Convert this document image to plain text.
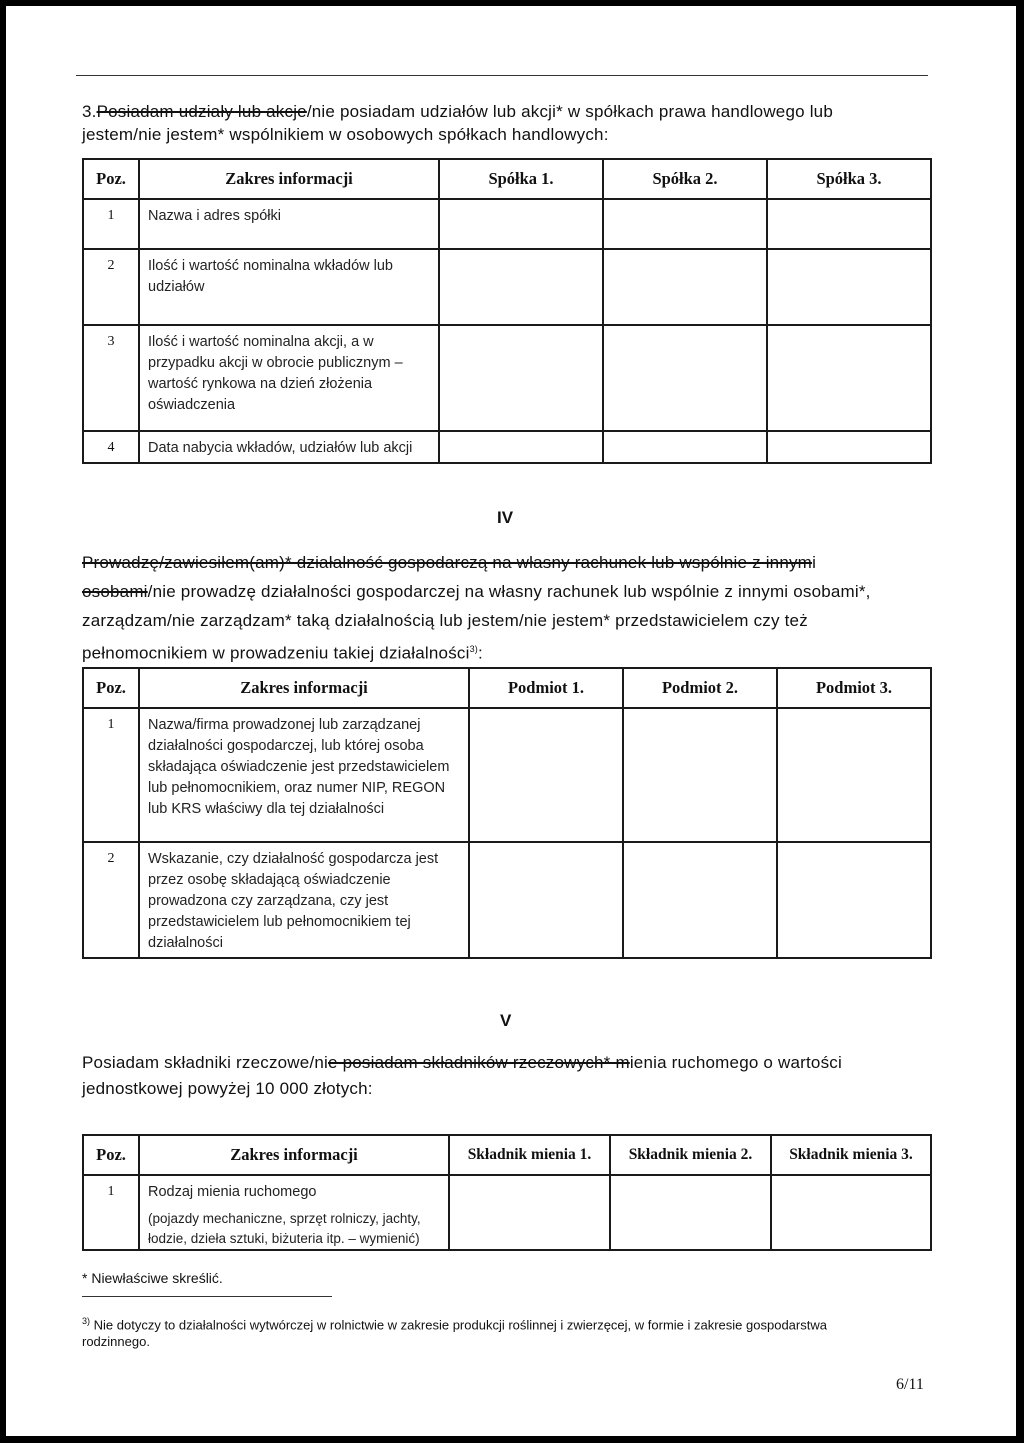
3.Posiadam udziały lub akcje/nie posiadam udziałów lub akcji* w spółkach prawa handlowego lub
jestem/nie jestem* wspólnikiem w osobowych spółkach handlowych:
Poz.	Zakres informacji	Spółka 1.	Spółka 2.	Spółka 3.
1	Nazwa i adres spółki			
2	Ilość i wartość nominalna wkładów lub udziałów			
3	Ilość i wartość nominalna akcji, a w przypadku akcji w obrocie publicznym – wartość rynkowa na dzień złożenia oświadczenia			
4	Data nabycia wkładów, udziałów lub akcji			
IV
Prowadzę/zawiesiłem(am)* działalność gospodarczą na własny rachunek lub wspólnie z innymi
osobami/nie prowadzę działalności gospodarczej na własny rachunek lub wspólnie z innymi osobami*,
zarządzam/nie zarządzam* taką działalnością lub jestem/nie jestem* przedstawicielem czy też
pełnomocnikiem w prowadzeniu takiej działalności$^{3)}$:
Poz.	Zakres informacji	Podmiot 1.	Podmiot 2.	Podmiot 3.
1	Nazwa/firma prowadzonej lub zarządzanej działalności gospodarczej, lub której osoba składająca oświadczenie jest przedstawicielem lub pełnomocnikiem, oraz numer NIP, REGON lub KRS właściwy dla tej działalności			
2	Wskazanie, czy działalność gospodarcza jest przez osobę składającą oświadczenie prowadzona czy zarządzana, czy jest przedstawicielem lub pełnomocnikiem tej działalności			
V
Posiadam składniki rzeczowe/nie posiadam składników rzeczowych* mienia ruchomego o wartości
jednostkowej powyżej 10 000 złotych:
Poz.	Zakres informacji	Składnik mienia 1.	Składnik mienia 2.	Składnik mienia 3.
1	Rodzaj mienia ruchomego
(pojazdy mechaniczne, sprzęt rolniczy, jachty, łodzie, dzieła sztuki, biżuteria itp. – wymienić)			

* Niewłaściwe skreślić.
$^{3)}$ Nie dotyczy to działalności wytwórczej w rolnictwie w zakresie produkcji roślinnej i zwierzęcej, w formie i zakresie gospodarstwa rodzinnego.
6/11
